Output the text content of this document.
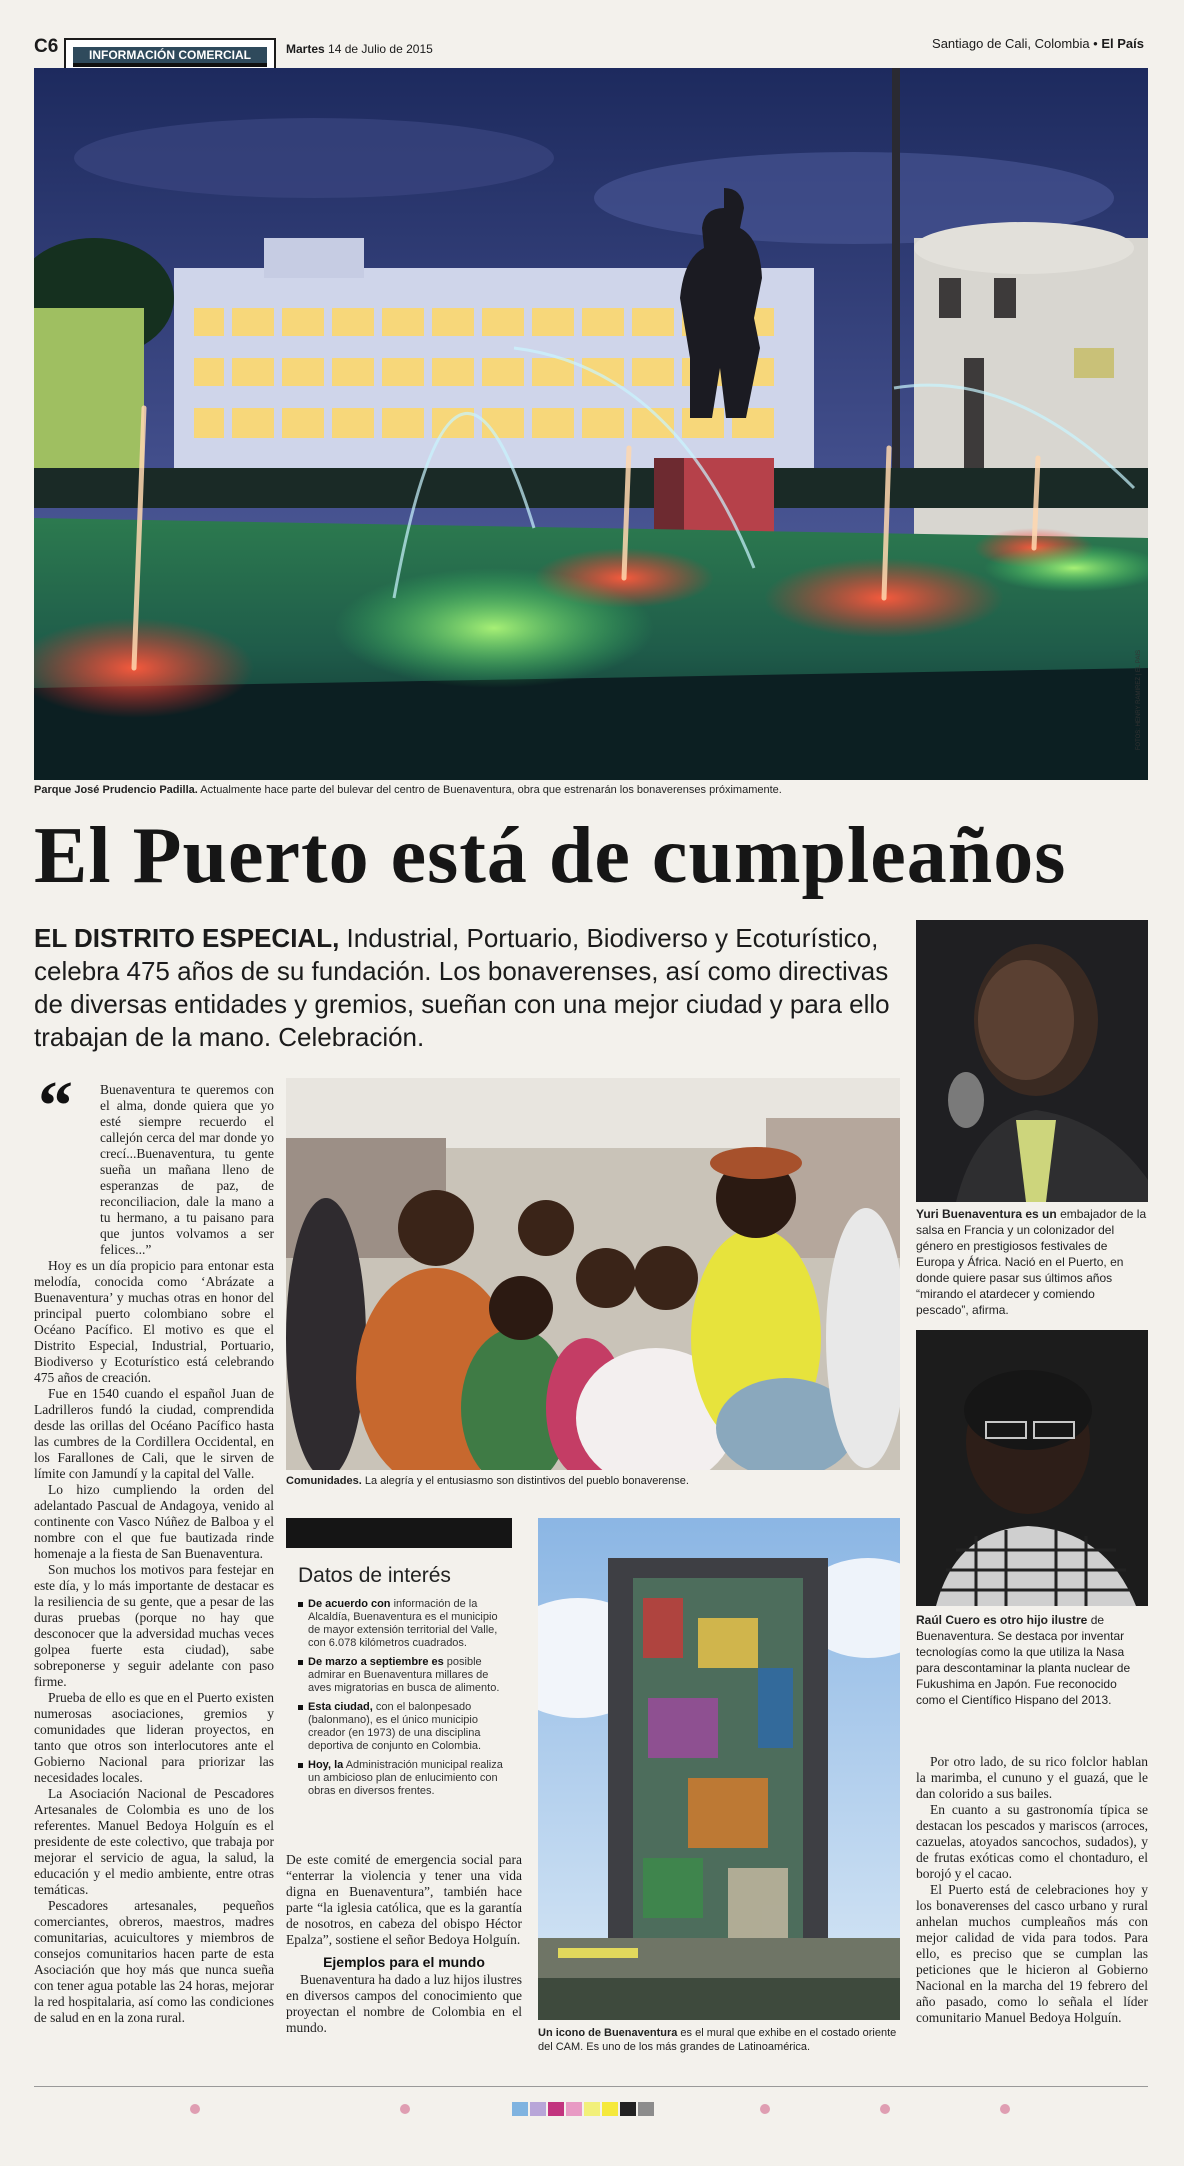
C6	INFORMACIÓN COMERCIAL	Martes 14 de Julio de 2015	Santiago de Cali, Colombia • El País
FOTOS: HENRY RAMIREZ | EL PAÍS
Parque José Prudencio Padilla. Actualmente hace parte del bulevar del centro de Buenaventura, obra que estrenarán los bonaverenses próximamente.
El Puerto está de cumpleaños
EL DISTRITO ESPECIAL, Industrial, Portuario, Biodiverso y Ecoturístico, celebra 475 años de su fundación. Los bonaverenses, así como directivas de diversas entidades y gremios, sueñan con una mejor ciudad y para ello trabajan de la mano. Celebración.
“	Buenaventura te queremos con el alma, donde quiera que yo esté siempre recuerdo el callejón cerca del mar donde yo crecí...Buenaventura, tu gente sueña un mañana lleno de esperanzas de paz, de reconciliacion, dale la mano a tu hermano, a tu paisano para que juntos volvamos a ser felices...”

Hoy es un día propicio para entonar esta melodía, conocida como ‘Abrázate a Buenaventura’ y muchas otras en honor del principal puerto colombiano sobre el Océano Pacífico. El motivo es que el Distrito Especial, Industrial, Portuario, Biodiverso y Ecoturístico está celebrando 475 años de creación.

Fue en 1540 cuando el español Juan de Ladrilleros fundó la ciudad, comprendida desde las orillas del Océano Pacífico hasta las cumbres de la Cordillera Occidental, en los Farallones de Cali, que le sirven de límite con Jamundí y la capital del Valle.

Lo hizo cumpliendo la orden del adelantado Pascual de Andagoya, venido al continente con Vasco Núñez de Balboa y el nombre con el que fue bautizada rinde homenaje a la fiesta de San Buenaventura.

Son muchos los motivos para festejar en este día, y lo más importante de destacar es la resiliencia de su gente, que a pesar de las duras pruebas (porque no hay que desconocer que la adversidad muchas veces golpea fuerte esta ciudad), sabe sobreponerse y seguir adelante con paso firme.

Prueba de ello es que en el Puerto existen numerosas asociaciones, gremios y comunidades que lideran proyectos, en tanto que otros son interlocutores ante el Gobierno Nacional para priorizar las necesidades locales.

La Asociación Nacional de Pescadores Artesanales de Colombia es uno de los referentes. Manuel Bedoya Holguín es el presidente de este colectivo, que trabaja por mejorar el servicio de agua, la salud, la educación y el medio ambiente, entre otras temáticas.

Pescadores artesanales, pequeños comerciantes, obreros, maestros, madres comunitarias, acuicultores y miembros de consejos comunitarios hacen parte de esta Asociación que hoy más que nunca sueña con tener agua potable las 24 horas, mejorar la red hospitalaria, así como las condiciones de salud en en la zona rural.

Comunidades. La alegría y el entusiasmo son distintivos del pueblo bonaverense.
Datos de interés
De acuerdo con información de la Alcaldía, Buenaventura es el municipio de mayor extensión territorial del Valle, con 6.078 kilómetros cuadrados.
De marzo a septiembre es posible admirar en Buenaventura millares de aves migratorias en busca de alimento.
Esta ciudad, con el balonpesado (balonmano), es el único municipio creador (en 1973) de una disciplina deportiva de conjunto en Colombia.
Hoy, la Administración municipal realiza un ambicioso plan de enlucimiento con obras en diversos frentes.

De este comité de emergencia social para “enterrar la violencia y tener una vida digna en Buenaventura”, también hace parte “la iglesia católica, que es la garantía de nosotros, en cabeza del obispo Héctor Epalza”, sostiene el señor Bedoya Holguín.

Ejemplos para el mundo

Buenaventura ha dado a luz hijos ilustres en diversos campos del conocimiento que proyectan el nombre de Colombia en el mundo.	Un icono de Buenaventura es el mural que exhibe en el costado oriente del CAM. Es uno de los más grandes de Latinoamérica.
Yuri Buenaventura es un embajador de la salsa en Francia y un colonizador del género en prestigiosos festivales de Europa y África. Nació en el Puerto, en donde quiere pasar sus últimos años “mirando el atardecer y comiendo pescado”, afirma.
Raúl Cuero es otro hijo ilustre de Buenaventura. Se destaca por inventar tecnologías como la que utiliza la Nasa para descontaminar la planta nuclear de Fukushima en Japón. Fue reconocido como el Científico Hispano del 2013.

Por otro lado, de su rico folclor hablan la marimba, el cununo y el guazá, que le dan colorido a sus bailes.

En cuanto a su gastronomía típica se destacan los pescados y mariscos (arroces, cazuelas, atoyados sancochos, sudados), y de frutas exóticas como el chontaduro, el borojó y el cacao.

El Puerto está de celebraciones hoy y los bonaverenses del casco urbano y rural anhelan muchos cumpleaños más con mejor calidad de vida para todos. Para ello, es preciso que se cumplan las peticiones que le hicieron al Gobierno Nacional en la marcha del 19 febrero del año pasado, como lo señala el líder comunitario Manuel Bedoya Holguín.
